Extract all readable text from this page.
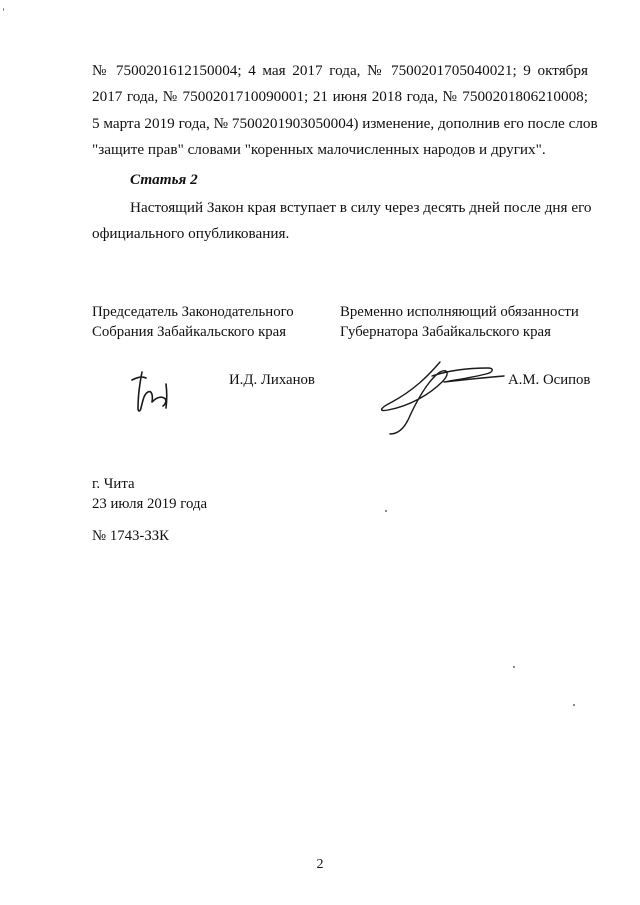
№ 7500201612150004; 4 мая 2017 года, № 7500201705040021; 9 октября
2017 года, № 7500201710090001; 21 июня 2018 года, № 7500201806210008;
5 марта 2019 года, № 7500201903050004) изменение, дополнив его после слов
"защите прав" словами "коренных малочисленных народов и других".
Статья 2
Настоящий Закон края вступает в силу через десять дней после дня его
официального опубликования.
Председатель Законодательного
Собрания Забайкальского края
И.Д. Лиханов
Временно исполняющий обязанности
Губернатора Забайкальского края
А.М. Осипов
г. Чита
23 июля 2019 года
№ 1743-ЗЗК
2
